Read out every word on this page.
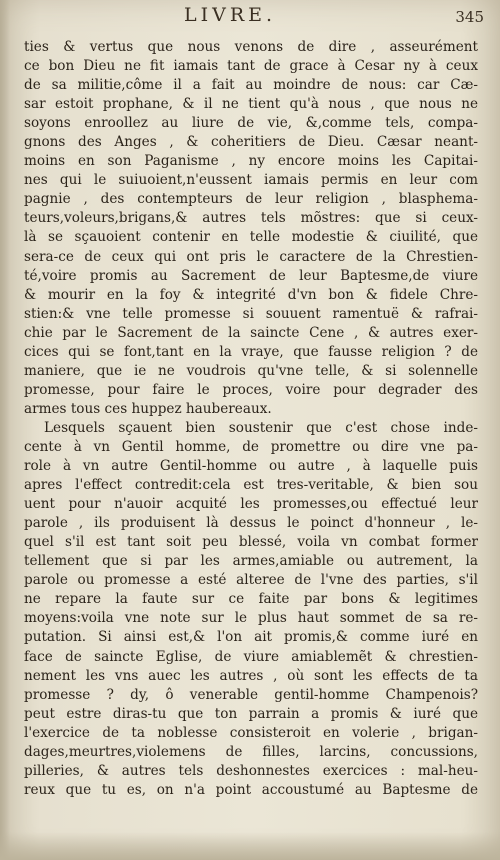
LIVRE.	345
ties & vertus que nous venons de dire , asseurément
ce bon Dieu ne fit iamais tant de grace à Cesar ny à ceux
de sa militie,côme il a fait au moindre de nous: car Cæ-
sar estoit prophane, & il ne tient qu'à nous , que nous ne
soyons enroollez au liure de vie, &,comme tels, compa-
gnons des Anges , & coheritiers de Dieu. Cæsar neant-
moins en son Paganisme , ny encore moins les Capitai-
nes qui le suiuoient,n'eussent iamais permis en leur com
pagnie , des contempteurs de leur religion , blasphema-
teurs,voleurs,brigans,& autres tels mõstres: que si ceux-
là se sçauoient contenir en telle modestie & ciuilité, que
sera-ce de ceux qui ont pris le caractere de la Chrestien-
té,voire promis au Sacrement de leur Baptesme,de viure
& mourir en la foy & integrité d'vn bon & fidele Chre-
stien:& vne telle promesse si souuent ramentuë & rafrai-
chie par le Sacrement de la saincte Cene , & autres exer-
cices qui se font,tant en la vraye, que fausse religion ? de
maniere, que ie ne voudrois qu'vne telle, & si solennelle
promesse, pour faire le proces, voire pour degrader des
armes tous ces huppez haubereaux.
Lesquels sçauent bien soustenir que c'est chose inde-
cente à vn Gentil homme, de promettre ou dire vne pa-
role à vn autre Gentil-homme ou autre , à laquelle puis
apres l'effect contredit:cela est tres-veritable, & bien sou
uent pour n'auoir acquité les promesses,ou effectué leur
parole , ils produisent là dessus le poinct d'honneur , le-
quel s'il est tant soit peu blessé, voila vn combat former
tellement que si par les armes,amiable ou autrement, la
parole ou promesse a esté alteree de l'vne des parties, s'il
ne repare la faute sur ce faite par bons & legitimes
moyens:voila vne note sur le plus haut sommet de sa re-
putation. Si ainsi est,& l'on ait promis,& comme iuré en
face de saincte Eglise, de viure amiablemẽt & chrestien-
nement les vns auec les autres , où sont les effects de ta
promesse ? dy, ô venerable gentil-homme Champenois?
peut estre diras-tu que ton parrain a promis & iuré que
l'exercice de ta noblesse consisteroit en volerie , brigan-
dages,meurtres,violemens de filles, larcins, concussions,
pilleries, & autres tels deshonnestes exercices : mal-heu-
reux que tu es, on n'a point accoustumé au Baptesme de
